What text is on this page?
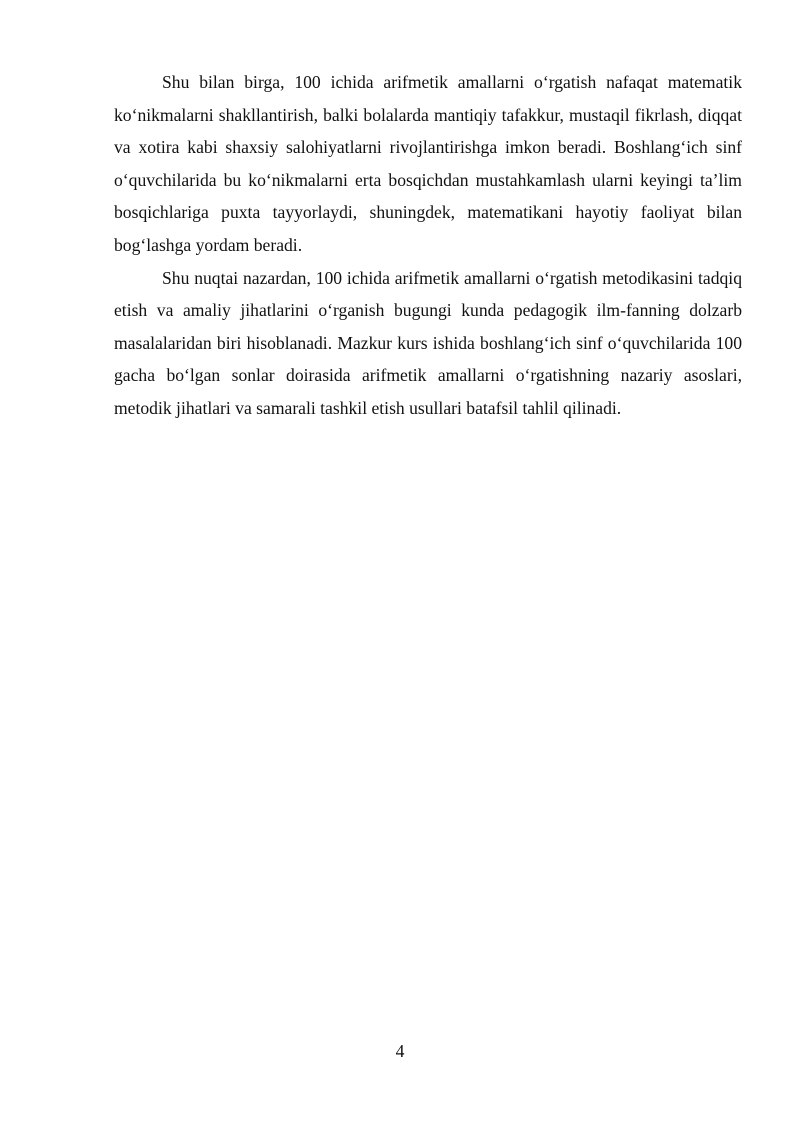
Shu bilan birga, 100 ichida arifmetik amallarni o‘rgatish nafaqat matematik ko‘nikmalarni shakllantirish, balki bolalarda mantiqiy tafakkur, mustaqil fikrlash, diqqat va xotira kabi shaxsiy salohiyatlarni rivojlantirishga imkon beradi. Boshlang‘ich sinf o‘quvchilarida bu ko‘nikmalarni erta bosqichdan mustahkamlash ularni keyingi ta’lim bosqichlariga puxta tayyorlaydi, shuningdek, matematikani hayotiy faoliyat bilan bog‘lashga yordam beradi.

Shu nuqtai nazardan, 100 ichida arifmetik amallarni o‘rgatish metodikasini tadqiq etish va amaliy jihatlarini o‘rganish bugungi kunda pedagogik ilm-fanning dolzarb masalalaridan biri hisoblanadi. Mazkur kurs ishida boshlang‘ich sinf o‘quvchilarida 100 gacha bo‘lgan sonlar doirasida arifmetik amallarni o‘rgatishning nazariy asoslari, metodik jihatlari va samarali tashkil etish usullari batafsil tahlil qilinadi.

4
